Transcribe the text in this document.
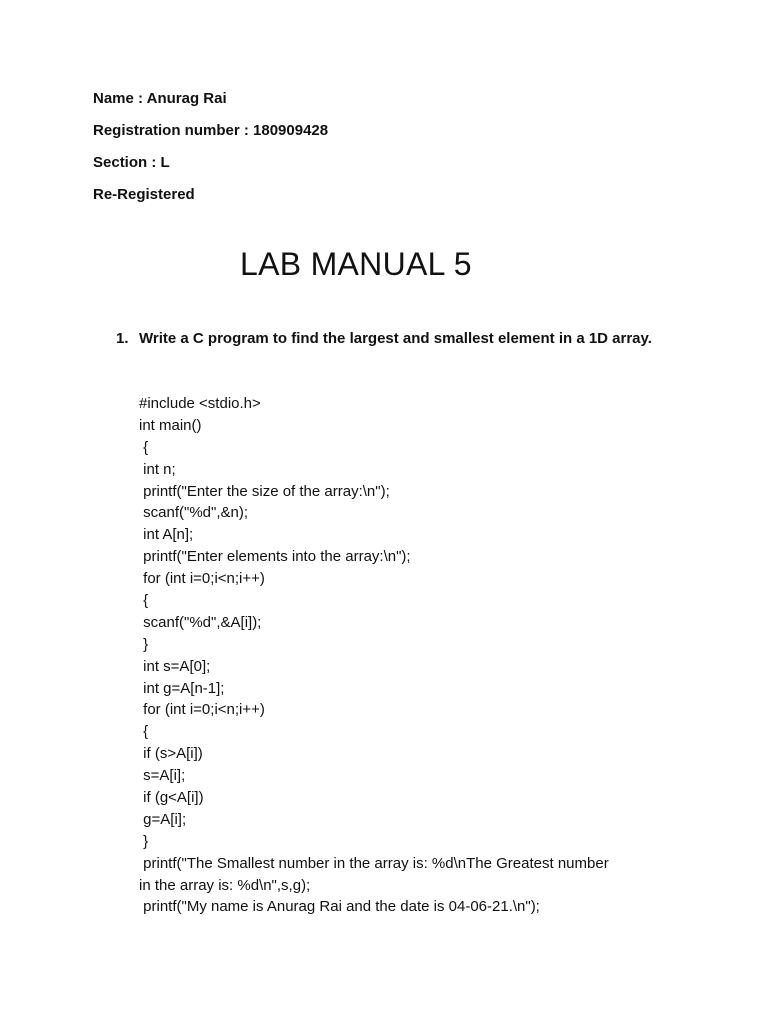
Name : Anurag Rai
Registration number : 180909428
Section : L
Re-Registered
LAB MANUAL 5
1. Write a C program to find the largest and smallest element in a 1D array.
#include <stdio.h>
int main()
{
int n;
printf("Enter the size of the array:\n");
scanf("%d",&n);
int A[n];
printf("Enter elements into the array:\n");
for (int i=0;i<n;i++)
{
scanf("%d",&A[i]);
}
int s=A[0];
int g=A[n-1];
for (int i=0;i<n;i++)
{
if (s>A[i])
s=A[i];
if (g<A[i])
g=A[i];
}
printf("The Smallest number in the array is: %d\nThe Greatest number
in the array is: %d\n",s,g);
printf("My name is Anurag Rai and the date is 04-06-21.\n");
